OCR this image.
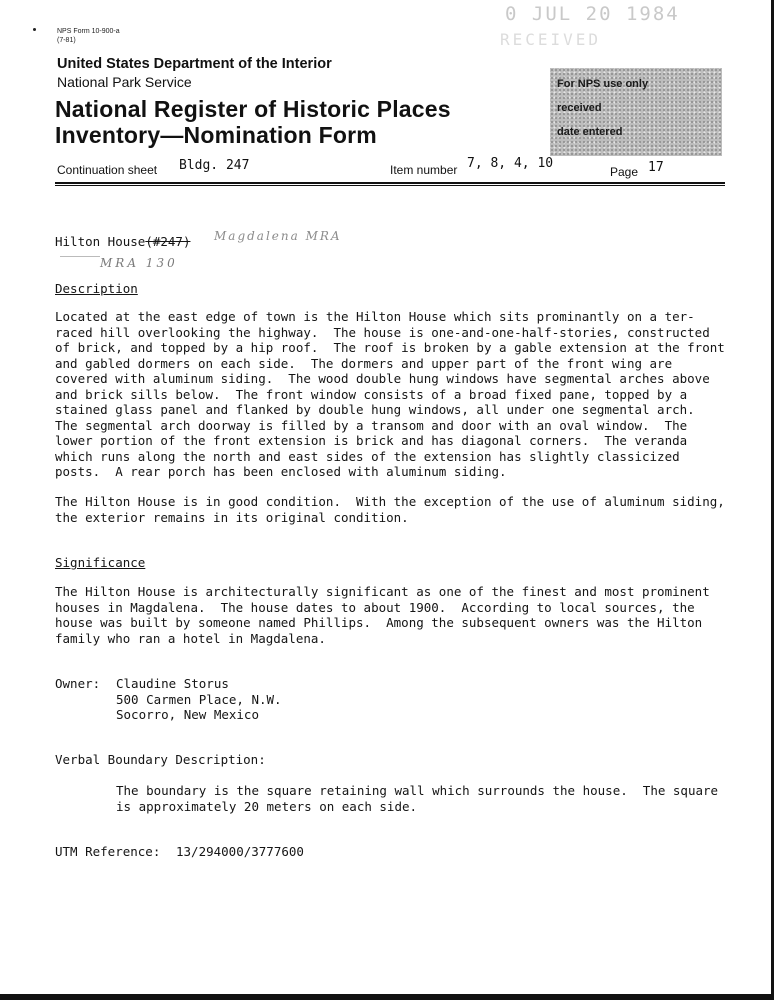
NPS Form 10-900-a
(7-81)
0 JUL 20 1984
RECEIVED
United States Department of the Interior
National Park Service
National Register of Historic Places
Inventory—Nomination Form
For NPS use only
received
date entered
Continuation sheet Bldg. 247	Item number 7, 8, 4, 10
Page 17
Hilton House(#247) Magdalena MRA
MRA 130
Description
Located at the east edge of town is the Hilton House which sits prominantly on a ter-
raced hill overlooking the highway.  The house is one-and-one-half-stories, constructed
of brick, and topped by a hip roof.  The roof is broken by a gable extension at the front
and gabled dormers on each side.  The dormers and upper part of the front wing are
covered with aluminum siding.  The wood double hung windows have segmental arches above
and brick sills below.  The front window consists of a broad fixed pane, topped by a
stained glass panel and flanked by double hung windows, all under one segmental arch.
The segmental arch doorway is filled by a transom and door with an oval window.  The
lower portion of the front extension is brick and has diagonal corners.  The veranda
which runs along the north and east sides of the extension has slightly classicized
posts.  A rear porch has been enclosed with aluminum siding.
The Hilton House is in good condition.  With the exception of the use of aluminum siding,
the exterior remains in its original condition.
Significance
The Hilton House is architecturally significant as one of the finest and most prominent
houses in Magdalena.  The house dates to about 1900.  According to local sources, the
house was built by someone named Phillips.  Among the subsequent owners was the Hilton
family who ran a hotel in Magdalena.
Owner: Claudine Storus
500 Carmen Place, N.W.
Socorro, New Mexico
Verbal Boundary Description:
The boundary is the square retaining wall which surrounds the house.  The square
is approximately 20 meters on each side.
UTM Reference: 13/294000/3777600
